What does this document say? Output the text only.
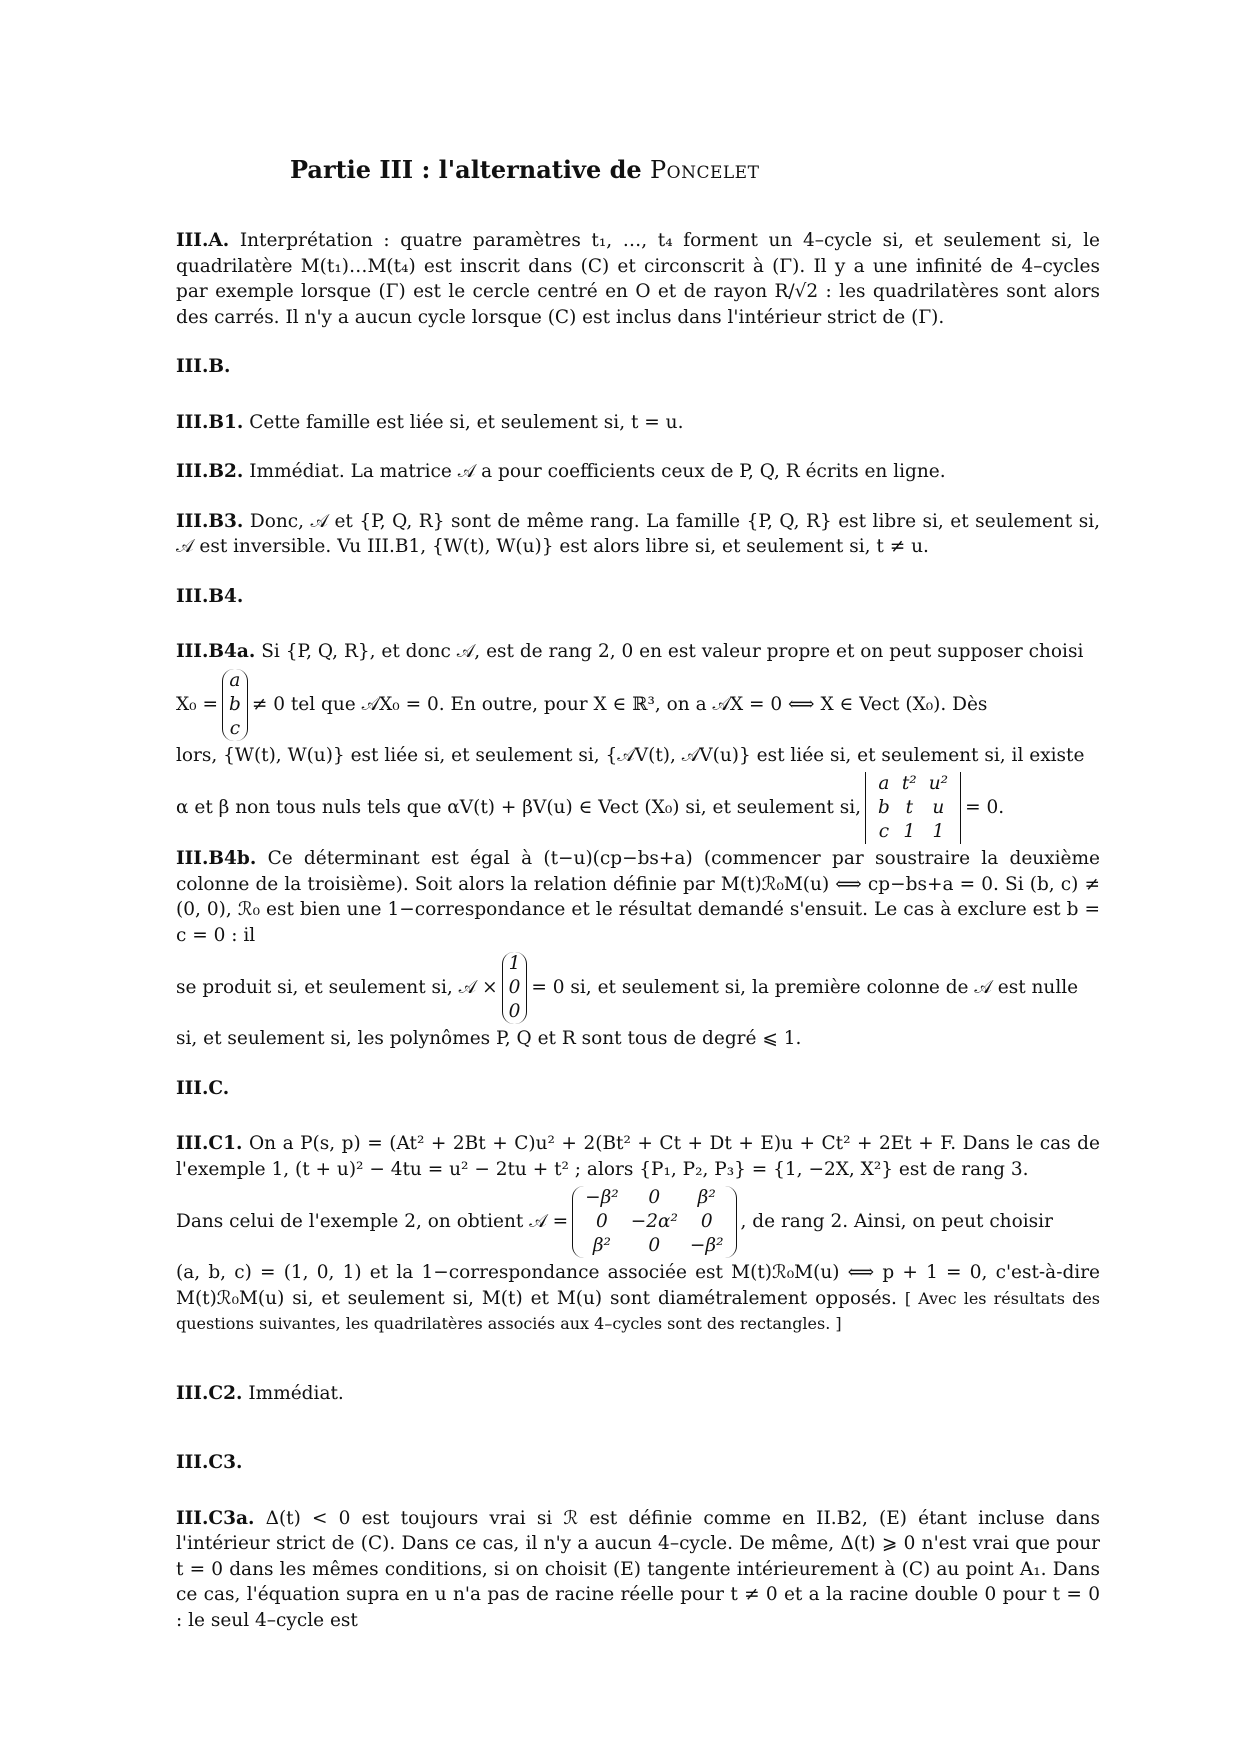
Partie III : l'alternative de Poncelet

III.A. Interprétation : quatre paramètres t₁, …, t₄ forment un 4–cycle si, et seulement si, le quadrilatère M(t₁)…M(t₄) est inscrit dans (C) et circonscrit à (Γ). Il y a une infinité de 4–cycles par exemple lorsque (Γ) est le cercle centré en O et de rayon R/√2 : les quadrilatères sont alors des carrés. Il n'y a aucun cycle lorsque (C) est inclus dans l'intérieur strict de (Γ).

III.B.

III.B1. Cette famille est liée si, et seulement si, t = u.

III.B2. Immédiat. La matrice 𝒜 a pour coefficients ceux de P, Q, R écrits en ligne.

III.B3. Donc, 𝒜 et {P, Q, R} sont de même rang. La famille {P, Q, R} est libre si, et seulement si, 𝒜 est inversible. Vu III.B1, {W(t), W(u)} est alors libre si, et seulement si, t ≠ u.

III.B4.

III.B4a. Si {P, Q, R}, et donc 𝒜, est de rang 2, 0 en est valeur propre et on peut supposer choisi

X₀ =
a
b
c
≠ 0 tel que 𝒜X₀ = 0. En outre, pour X ∈ ℝ³, on a 𝒜X = 0 ⟺ X ∈ Vect (X₀). Dès

lors, {W(t), W(u)} est liée si, et seulement si, {𝒜V(t), 𝒜V(u)} est liée si, et seulement si, il existe

α et β non tous nuls tels que αV(t) + βV(u) ∈ Vect (X₀) si, et seulement si,
a	t²	u²
b	t	u
c	1	1
= 0.

III.B4b. Ce déterminant est égal à (t−u)(cp−bs+a) (commencer par soustraire la deuxième colonne de la troisième). Soit alors la relation définie par M(t)ℛ₀M(u) ⟺ cp−bs+a = 0. Si (b, c) ≠ (0, 0), ℛ₀ est bien une 1−correspondance et le résultat demandé s'ensuit. Le cas à exclure est b = c = 0 : il

se produit si, et seulement si, 𝒜 ×
1
0
0
= 0 si, et seulement si, la première colonne de 𝒜 est nulle

si, et seulement si, les polynômes P, Q et R sont tous de degré ⩽ 1.

III.C.

III.C1. On a P(s, p) = (At² + 2Bt + C)u² + 2(Bt² + Ct + Dt + E)u + Ct² + 2Et + F. Dans le cas de l'exemple 1, (t + u)² − 4tu = u² − 2tu + t² ; alors {P₁, P₂, P₃} = {1, −2X, X²} est de rang 3.

Dans celui de l'exemple 2, on obtient 𝒜 =
−β²	0	β²
0	−2α²	0
β²	0	−β²
, de rang 2. Ainsi, on peut choisir

(a, b, c) = (1, 0, 1) et la 1−correspondance associée est M(t)ℛ₀M(u) ⟺ p + 1 = 0, c'est-à-dire M(t)ℛ₀M(u) si, et seulement si, M(t) et M(u) sont diamétralement opposés. [ Avec les résultats des questions suivantes, les quadrilatères associés aux 4–cycles sont des rectangles. ]

III.C2. Immédiat.

III.C3.

III.C3a. Δ(t) < 0 est toujours vrai si ℛ est définie comme en II.B2, (E) étant incluse dans l'intérieur strict de (C). Dans ce cas, il n'y a aucun 4–cycle. De même, Δ(t) ⩾ 0 n'est vrai que pour t = 0 dans les mêmes conditions, si on choisit (E) tangente intérieurement à (C) au point A₁. Dans ce cas, l'équation supra en u n'a pas de racine réelle pour t ≠ 0 et a la racine double 0 pour t = 0 : le seul 4–cycle est
